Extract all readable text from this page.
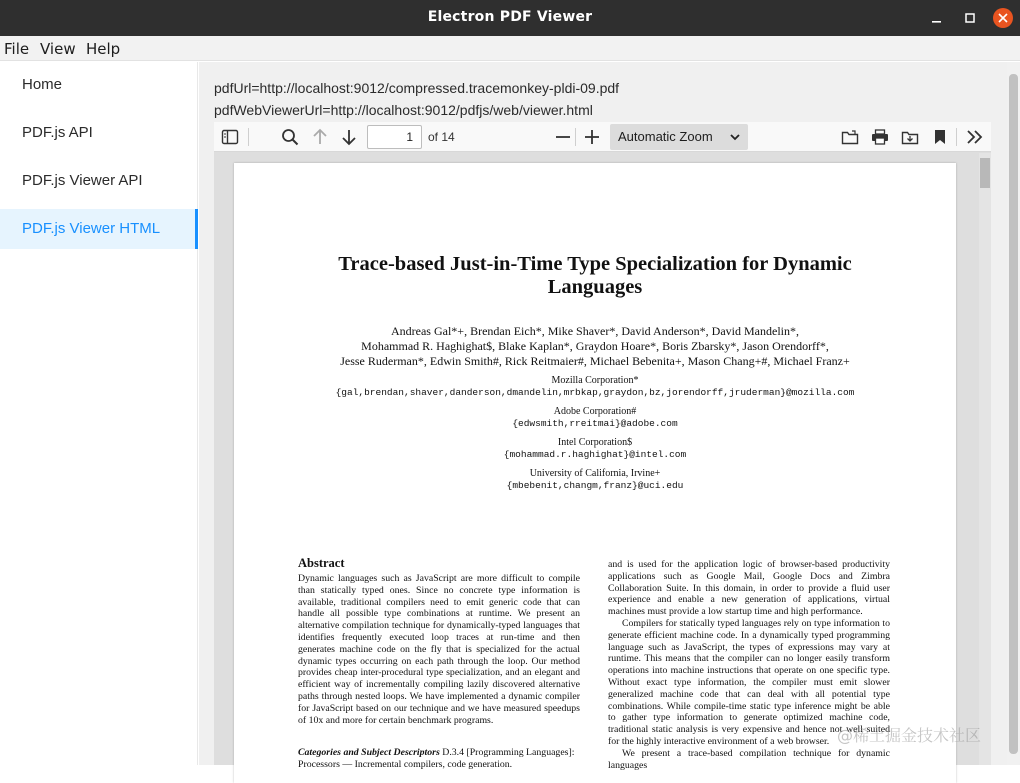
Electron PDF Viewer
File View Help
Home
PDF.js API
PDF.js Viewer API
PDF.js Viewer HTML
pdfUrl=http://localhost:9012/compressed.tracemonkey-pldi-09.pdf
pdfWebViewerUrl=http://localhost:9012/pdfjs/web/viewer.html
1	of 14	Automatic Zoom
Trace-based Just-in-Time Type Specialization for Dynamic
Languages
Andreas Gal*+, Brendan Eich*, Mike Shaver*, David Anderson*, David Mandelin*,
Mohammad R. Haghighat$, Blake Kaplan*, Graydon Hoare*, Boris Zbarsky*, Jason Orendorff*,
Jesse Ruderman*, Edwin Smith#, Rick Reitmaier#, Michael Bebenita+, Mason Chang+#, Michael Franz+
Mozilla Corporation*
{gal,brendan,shaver,danderson,dmandelin,mrbkap,graydon,bz,jorendorff,jruderman}@mozilla.com
Adobe Corporation#
{edwsmith,rreitmai}@adobe.com
Intel Corporation$
{mohammad.r.haghighat}@intel.com
University of California, Irvine+
{mbebenit,changm,franz}@uci.edu
Abstract

Dynamic languages such as JavaScript are more difficult to compile than statically typed ones. Since no concrete type information is available, traditional compilers need to emit generic code that can handle all possible type combinations at runtime. We present an alternative compilation technique for dynamically-typed languages that identifies frequently executed loop traces at run-time and then generates machine code on the fly that is specialized for the actual dynamic types occurring on each path through the loop. Our method provides cheap inter-procedural type specialization, and an elegant and efficient way of incrementally compiling lazily discovered alternative paths through nested loops. We have implemented a dynamic compiler for JavaScript based on our technique and we have measured speedups of 10x and more for certain benchmark programs.

Categories and Subject Descriptors D.3.4 [Programming Languages]: Processors — Incremental compilers, code generation.

and is used for the application logic of browser-based productivity applications such as Google Mail, Google Docs and Zimbra Collaboration Suite. In this domain, in order to provide a fluid user experience and enable a new generation of applications, virtual machines must provide a low startup time and high performance.

Compilers for statically typed languages rely on type information to generate efficient machine code. In a dynamically typed programming language such as JavaScript, the types of expressions may vary at runtime. This means that the compiler can no longer easily transform operations into machine instructions that operate on one specific type. Without exact type information, the compiler must emit slower generalized machine code that can deal with all potential type combinations. While compile-time static type inference might be able to gather type information to generate optimized machine code, traditional static analysis is very expensive and hence not well suited for the highly interactive environment of a web browser.

We present a trace-based compilation technique for dynamic languages

@稀土掘金技术社区
